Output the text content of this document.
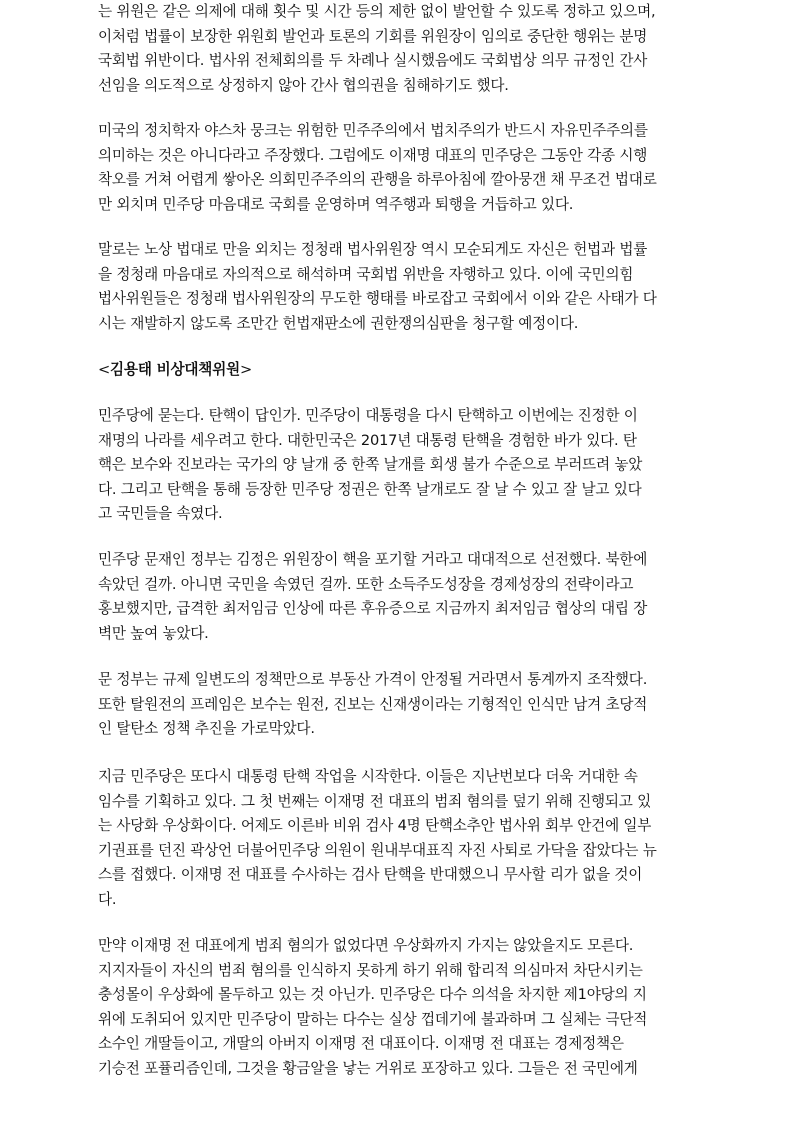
는 위원은 같은 의제에 대해 횟수 및 시간 등의 제한 없이 발언할 수 있도록 정하고 있으며,
이처럼 법률이 보장한 위원회 발언과 토론의 기회를 위원장이 임의로 중단한 행위는 분명
국회법 위반이다. 법사위 전체회의를 두 차례나 실시했음에도 국회법상 의무 규정인 간사
선임을 의도적으로 상정하지 않아 간사 협의권을 침해하기도 했다.
미국의 정치학자 야스차 뭉크는 위험한 민주주의에서 법치주의가 반드시 자유민주주의를
의미하는 것은 아니다라고 주장했다. 그럼에도 이재명 대표의 민주당은 그동안 각종 시행
착오를 거쳐 어렵게 쌓아온 의회민주주의의 관행을 하루아침에 깔아뭉갠 채 무조건 법대로
만 외치며 민주당 마음대로 국회를 운영하며 역주행과 퇴행을 거듭하고 있다.
말로는 노상 법대로 만을 외치는 정청래 법사위원장 역시 모순되게도 자신은 헌법과 법률
을 정청래 마음대로 자의적으로 해석하며 국회법 위반을 자행하고 있다. 이에 국민의힘
법사위원들은 정청래 법사위원장의 무도한 행태를 바로잡고 국회에서 이와 같은 사태가 다
시는 재발하지 않도록 조만간 헌법재판소에 권한쟁의심판을 청구할 예정이다.
<김용태 비상대책위원>
민주당에 묻는다. 탄핵이 답인가. 민주당이 대통령을 다시 탄핵하고 이번에는 진정한 이
재명의 나라를 세우려고 한다. 대한민국은 2017년 대통령 탄핵을 경험한 바가 있다. 탄
핵은 보수와 진보라는 국가의 양 날개 중 한쪽 날개를 회생 불가 수준으로 부러뜨려 놓았
다. 그리고 탄핵을 통해 등장한 민주당 정권은 한쪽 날개로도 잘 날 수 있고 잘 날고 있다
고 국민들을 속였다.
민주당 문재인 정부는 김정은 위원장이 핵을 포기할 거라고 대대적으로 선전했다. 북한에
속았던 걸까. 아니면 국민을 속였던 걸까. 또한 소득주도성장을 경제성장의 전략이라고
홍보했지만, 급격한 최저임금 인상에 따른 후유증으로 지금까지 최저임금 협상의 대립 장
벽만 높여 놓았다.
문 정부는 규제 일변도의 정책만으로 부동산 가격이 안정될 거라면서 통계까지 조작했다.
또한 탈원전의 프레임은 보수는 원전, 진보는 신재생이라는 기형적인 인식만 남겨 초당적
인 탈탄소 정책 추진을 가로막았다.
지금 민주당은 또다시 대통령 탄핵 작업을 시작한다. 이들은 지난번보다 더욱 거대한 속
임수를 기획하고 있다. 그 첫 번째는 이재명 전 대표의 범죄 혐의를 덮기 위해 진행되고 있
는 사당화 우상화이다. 어제도 이른바 비위 검사 4명 탄핵소추안 법사위 회부 안건에 일부
기권표를 던진 곽상언 더불어민주당 의원이 원내부대표직 자진 사퇴로 가닥을 잡았다는 뉴
스를 접했다. 이재명 전 대표를 수사하는 검사 탄핵을 반대했으니 무사할 리가 없을 것이
다.
만약 이재명 전 대표에게 범죄 혐의가 없었다면 우상화까지 가지는 않았을지도 모른다.
지지자들이 자신의 범죄 혐의를 인식하지 못하게 하기 위해 합리적 의심마저 차단시키는
충성몰이 우상화에 몰두하고 있는 것 아닌가. 민주당은 다수 의석을 차지한 제1야당의 지
위에 도취되어 있지만 민주당이 말하는 다수는 실상 껍데기에 불과하며 그 실체는 극단적
소수인 개딸들이고, 개딸의 아버지 이재명 전 대표이다. 이재명 전 대표는 경제정책은
기승전 포퓰리즘인데, 그것을 황금알을 낳는 거위로 포장하고 있다. 그들은 전 국민에게
